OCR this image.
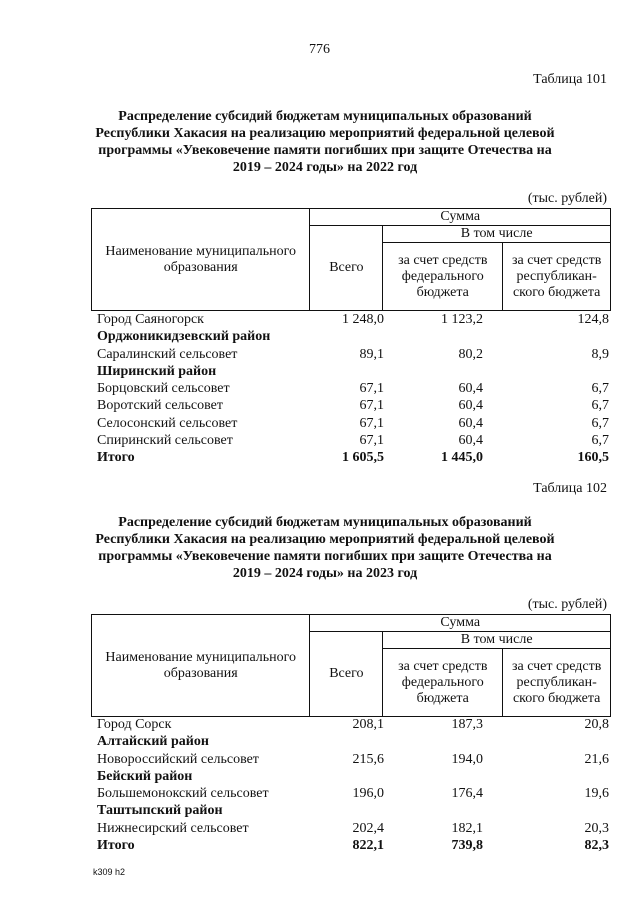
776
Таблица 101
Распределение субсидий бюджетам муниципальных образований
Республики Хакасия на реализацию мероприятий федеральной целевой
программы «Увековечение памяти погибших при защите Отечества на
2019 – 2024 годы» на 2022 год
(тыс. рублей)
Наименование муниципального образования	Сумма		
	Всего	В том числе	
		за счет средств федерального бюджета	за счет средств республикан-ского бюджета
Город Саяногорск	1 248,0	1 123,2	124,8
Орджоникидзевский район
Саралинский сельсовет	89,1	80,2	8,9
Ширинский район
Борцовский сельсовет	67,1	60,4	6,7
Воротский сельсовет	67,1	60,4	6,7
Селосонский сельсовет	67,1	60,4	6,7
Спиринский сельсовет	67,1	60,4	6,7
Итого	1 605,5	1 445,0	160,5
Таблица 102
Распределение субсидий бюджетам муниципальных образований
Республики Хакасия на реализацию мероприятий федеральной целевой
программы «Увековечение памяти погибших при защите Отечества на
2019 – 2024 годы» на 2023 год
(тыс. рублей)
Наименование муниципального образования	Сумма		
	Всего	В том числе	
		за счет средств федерального бюджета	за счет средств республикан-ского бюджета
Город Сорск	208,1	187,3	20,8
Алтайский район
Новороссийский сельсовет	215,6	194,0	21,6
Бейский район
Большемонокский сельсовет	196,0	176,4	19,6
Таштыпский район
Нижнесирский сельсовет	202,4	182,1	20,3
Итого	822,1	739,8	82,3
k309 h2
